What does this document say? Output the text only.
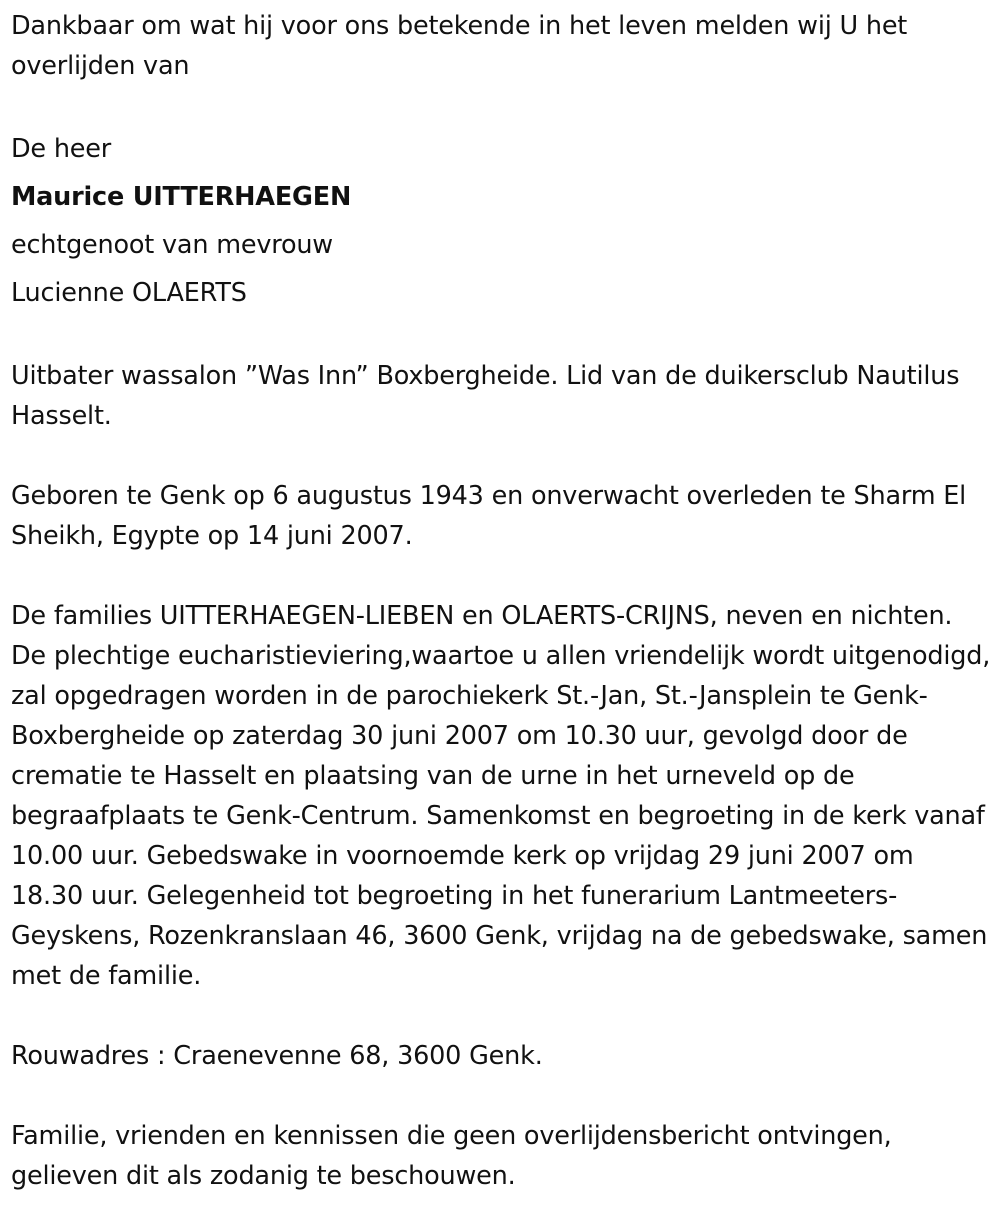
Dankbaar om wat hij voor ons betekende in het leven melden wij U het overlijden van

De heer

Maurice UITTERHAEGEN

echtgenoot van mevrouw

Lucienne OLAERTS

Uitbater wassalon ”Was Inn” Boxbergheide. Lid van de duikersclub Nautilus Hasselt.

Geboren te Genk op 6 augustus 1943 en onverwacht overleden te Sharm El Sheikh, Egypte op 14 juni 2007.

De families UITTERHAEGEN-LIEBEN en OLAERTS-CRIJNS, neven en nichten. De plechtige eucharistieviering,waartoe u allen vriendelijk wordt uitgenodigd, zal opgedragen worden in de parochiekerk St.-Jan, St.-Jansplein te Genk-Boxbergheide op zaterdag 30 juni 2007 om 10.30 uur, gevolgd door de crematie te Hasselt en plaatsing van de urne in het urneveld op de begraafplaats te Genk-Centrum. Samenkomst en begroeting in de kerk vanaf 10.00 uur. Gebedswake in voornoemde kerk op vrijdag 29 juni 2007 om 18.30 uur. Gelegenheid tot begroeting in het funerarium Lantmeeters-Geyskens, Rozenkranslaan 46, 3600 Genk, vrijdag na de gebedswake, samen met de familie.

Rouwadres : Craenevenne 68, 3600 Genk.

Familie, vrienden en kennissen die geen overlijdensbericht ontvingen, gelieven dit als zodanig te beschouwen.
